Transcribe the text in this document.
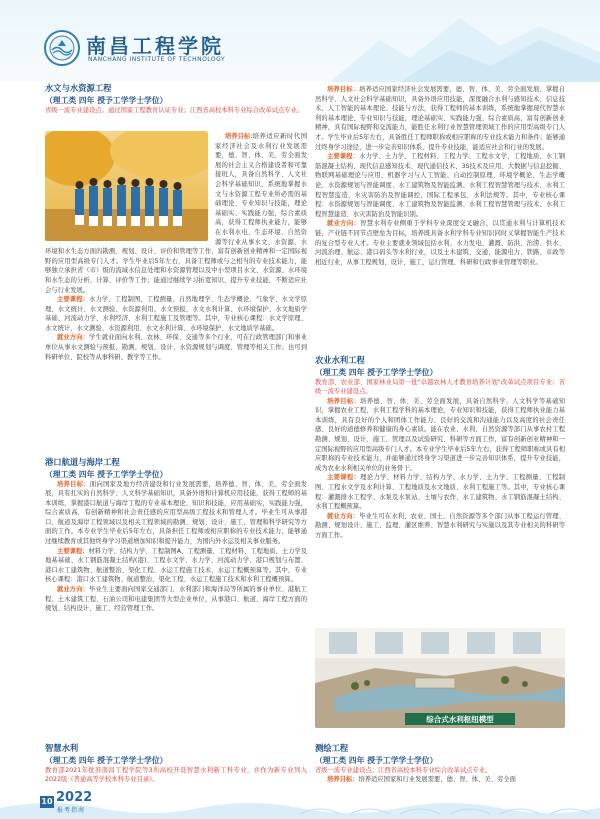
南昌工程学院
NANCHANG INSTITUTE OF TECHNOLOGY

水文与水资源工程

（理工类 四年 授予工学学士学位）

省级一流专业建设点；通过国家工程教育认证专业；江西省高校本科专业综合改革试点专业。

培养目标：

培养适应新时代国家经济社会及水利行业发展需要，德、智、体、美、劳全面发展的社会主义合格建设者和可靠接班人，具备自然科学、人文社会科学基础知识，系统地掌握水文与水资源工程专业所必需的基础理论、专业知识与技能，理论基础实、实践能力强，综合素质高，获得工程师执业能力，能够在水利水电、生态环境、自然资源等行业从事水文、水资源、水环境和水生态方面的勘测、规划、设计、评价和管理等工作，富有创新创业精神和一定国际视野的应用型高级专门人才。学生毕业后5年左右，具备工程师或与之相当的专业技术能力，能够独立承担省（市）级的流域水信息处理和水资源管理以及中小型项目水文、水资源、水环境和水生态的分析、计算、评价等工作；能通过继续学习拓宽知识、提升专业技能，不断适应社会与行业发展。

主要课程：水力学、工程制图、工程测量、自然地理学、生态学概论、气象学、水文学原理、水文统计、水文测验、水资源利用、水文预报、水文水利计算、水环境保护、水文地质学基础、河流动力学、水利经济、水利工程施工及管理等。其中，专业核心课程：水文学原理、水文统计、水文测验、水资源利用、水文水利计算、水环境保护、水文地质学基础。

就业方向：学生就业面向水利、农林、环保、交通等多个行业，可在行政管理部门和事业单位从事水文测验与预报、勘测、规划、设计、水资源规划与调度、管理等相关工作；也可到科研单位、院校等从事科研、教学等工作。

港口航道与海岸工程

（理工类 四年 授予工学学士学位）

培养目标：面向国家及地方经济建设和行业发展需要，培养德、智、体、美、劳全面发展，具有扎实的自然科学、人文科学基础知识，具备外语和计算机应用技能，获得工程师的基本训练，掌握港口航道与海岸工程的专业基本理论、知识和技能，应用基础实，实践能力强，综合素质高，有创新精神和社会责任感的应用型高级工程技术和管理人才。毕业生可从事港口、航道及海岸工程领域以及相关工程领域的勘测、规划、设计、施工、管理和科学研究等方面的工作。本专业学生毕业后5年左右，具备担任工程师或相应职称的专业技术能力，能够通过继续教育或其他终身学习渠道增加知识和提升能力，为国内外水运及相关事业服务。

主要课程：材料力学、结构力学、工程制图A、工程测量、工程材料、工程地质、土力学及地基基础、水工钢筋混凝土结构(港)、工程水文学、水力学、河流动力学、港口规划与布置、港口水工建筑物、航道整治、渠化工程、水运工程施工技术、水运工程概预算等。其中，专业核心课程：港口水工建筑物、航道整治、渠化工程、水运工程施工技术和水利工程概预算。

就业方向：毕业生主要面向国家交通部门、水利部门和海洋局等所属的事业单位、港航工程、土木建筑工程、石油公司和电建集团等大型企业单位，从事港口、航道、海岸工程方面的规划、结构设计、施工、经营管理工作。

智慧水利

（理工类 四年 授予工学学士学位）

教育部2021年批准南昌工程学院等3所高校开设智慧水利新工科专业，并作为新专业列入2022版《普通高等学校本科专业目录》。

培养目标：培养适应国家经济社会发展需要，德、智、体、美、劳全面发展，掌握自然科学、人文社会科学基础知识，具备外语应用技能，深度融合水利与感知技术、信息技术、人工智能的基本理论、技能与方法，获得工程师的基本训练，系统地掌握现代智慧水利的基本理论、专业知识与技能，理论基础实、实践能力强、综合素质高，富有创新创业精神，具有国际视野和交流能力，能胜任水利行业智慧管理领域工作的应用型高级专门人才。学生毕业后5年左右，具备胜任工程师职称或相应职称的专业技术能力和条件；能够通过终身学习途径，进一步完善知识体系，提升专业技能，能适应社会和行业的发展。

主要课程：水力学、土力学、工程材料、工程力学、工程水文学、工程地质、水工钢筋混凝土结构、现代信息感知技术、现代通信技术、3S技术及应用、大数据与信息挖掘、物联网基础理论与应用、机器学习与人工智能、自动控制原理、环境学概论、生态学概论、水资源规划与智能调度、水工建筑物及智能监测、水利工程智慧管理与技术、水利工程智慧监造、水灾害防治及智能调控、国际工程承包、水利法规等。其中，专业核心课程：水资源规划与智能调度、水工建筑物及智能监测、水利工程智慧管理与技术、水利工程智慧建造、水灾害防治及智能识别。

就业方向：智慧水利专业侧重于学科专业深度交叉融合，以贯通水利与计算机技术链，产业链不同节点壁垒为目标，培养既具备水利学科专业知识同时又掌握智能生产技术的复合型专业人才。专业主要就业领域包括水利、水力发电、灌溉、防洪、治涝、供水、河流治理、航运、港口码头等水利行业，以及土木建筑、交通、能源电力、铁路、市政等相近行业，从事工程规划、设计、施工、运行管理、科研和行政事业管理等职业。

农业水利工程

（理工类 四年 授予工学学士学位）

教育部、农业部、国家林业局第一批"卓越农林人才教育培养计划"改革试点项目专业；省级一流专业建设点。

培养目标：培养德、智、体、美、劳全面发展，具备自然科学、人文科学等基础知识，掌握农业工程、水利工程学科的基本理论，专业知识和技能，获得工程师执业能力基本训练，具有良好的个人和团体工作能力、良好的交流和沟通能力以及高度的社会责任感、良好的道德修养和健康的身心素质。能在农业、水利、自然资源等部门从事农村工程勘测、规划、设计、施工、管理以及试验研究、科研等方面工作，富有创新创业精神和一定国际视野的应用型高级专门人才。本专业学生毕业后5年左右，获得工程师职称或具有相应职称的专业技术能力，并能够通过终身学习渠道进一步完善知识体系，提升专业技能，成为农业水利相关单位的业务骨干。

主要课程：理论力学、材料力学、结构力学、水力学、土力学、工程测量、工程制图、工程水文学及水利计算、工程地质及水文地质、水利工程施工等。其中，专业核心课程：灌溉排水工程学、水泵及水泵站、土壤与农作、水工建筑物、水工钢筋混凝土结构、水利工程概预算。

就业方向：毕业生可在水利、农业、国土、自然资源等多个部门从事工程运行管理、勘测、规划设计、施工、监理、灌区维养、智慧水利研究与实施以及其专业相关的科研等方面工作。

综合式水利枢纽模型

测绘工程

（理工类 四年 授予工学学士学位）

省级一流专业建设点；江西省高校本科专业综合改革试点专业。

培养目标：培养适应国家和行业发展需要，德、智、体、美、劳全面

10 2022
报考指南
